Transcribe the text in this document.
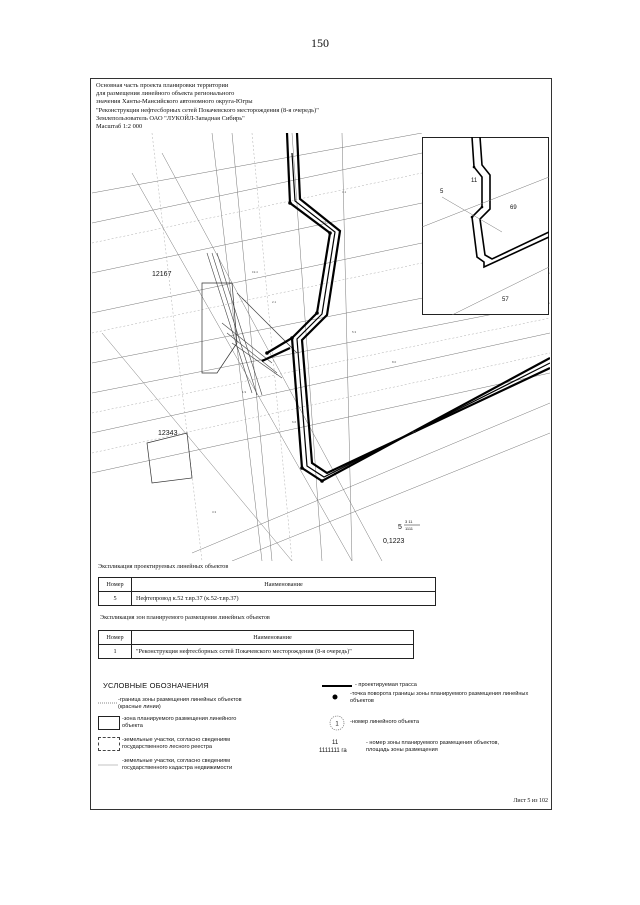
150
Основная часть проекта планировки территории
для размещения линейного объекта регионального
значения Ханты-Мансийского автономного округа-Югры
"Реконструкция нефтесборных сетей Покачевского месторождения (8-я очередь)"
Землепользователь ОАО "ЛУКОЙЛ-Западная Сибирь"
Масштаб 1:2 000
7.0
3.1
19.4
2.1
5.3
8.0
4.2
1.9
6.6
3.3
12167
12343
5
3 11
1111
0,1223
5
11
69
57
Экспликация проектируемых линейных объектов
Номер	Наименование
5	Нефтепровод к.52 т.вр.37 (к.52-т.вр.37)
Экспликация зон планируемого размещения линейных объектов
Номер	Наименование
1	"Реконструкция нефтесборных сетей Покачевского месторождения (8-я очередь)"
УСЛОВНЫЕ ОБОЗНАЧЕНИЯ
-граница зоны размещения линейных объектов (красные линии)
-зона планируемого размещения линейного объекта
-земельные участки, согласно сведениям государственного лесного реестра
-земельные участки, согласно сведениям государственного кадастра недвижимости
- проектируемая трасса
-точка поворота границы зоны планируемого размещения линейных объектов
1 -номер линейного объекта
11
1111111 га
- номер зоны планируемого размещения объектов, площадь зоны размещения
Лист 5 из 102
